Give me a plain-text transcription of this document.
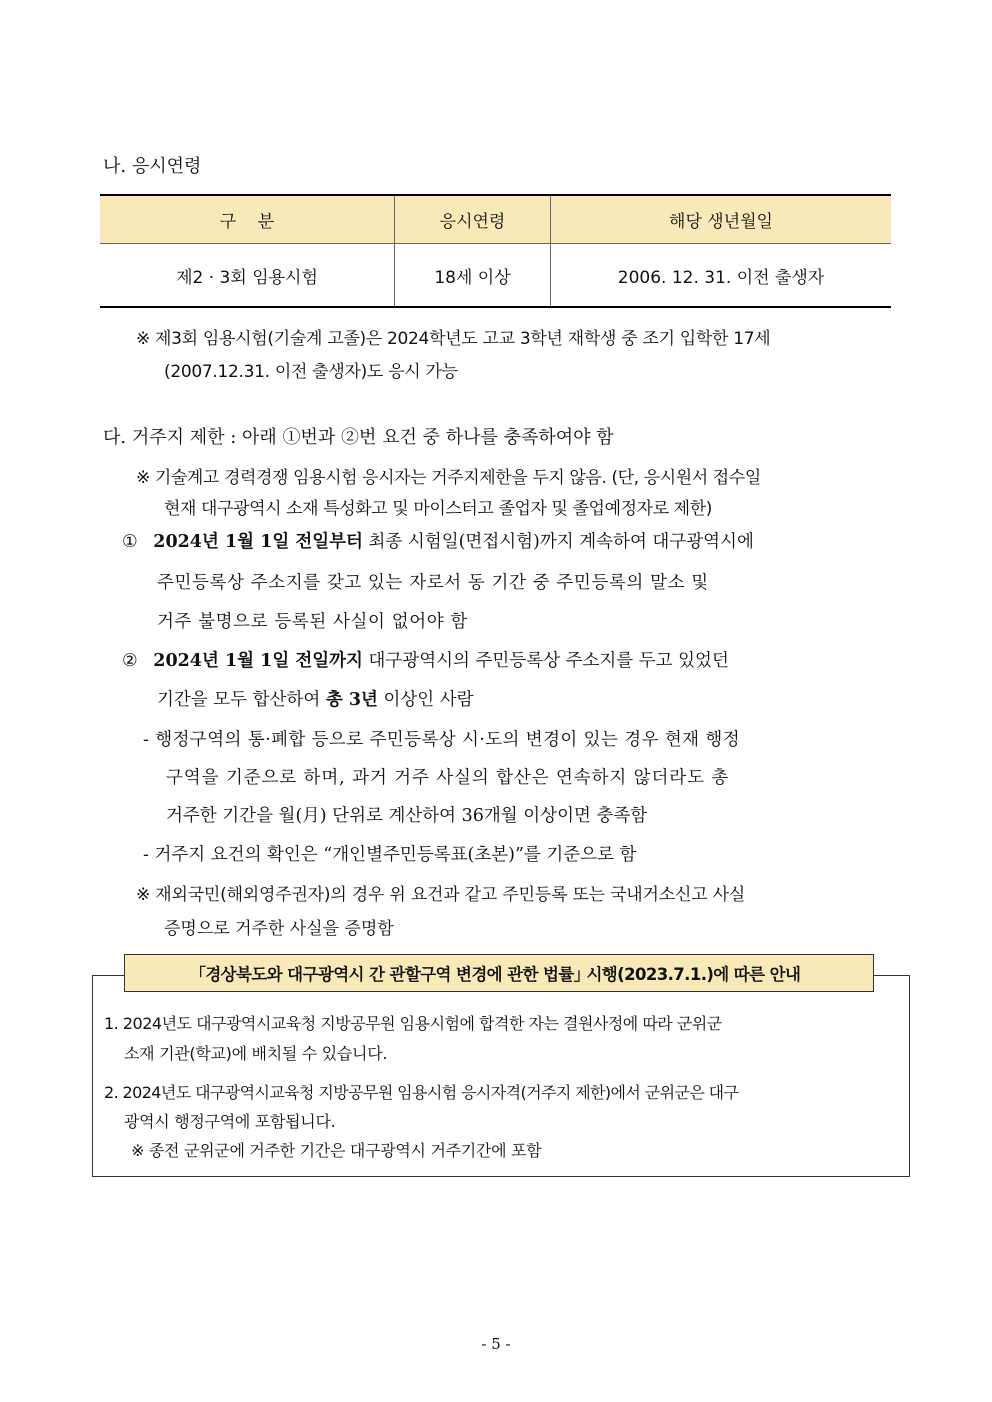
나. 응시연령
구    분	응시연령	해당 생년월일
제2 · 3회 임용시험	18세 이상	2006. 12. 31. 이전 출생자
※ 제3회 임용시험(기술계 고졸)은 2024학년도 고교 3학년 재학생 중 조기 입학한 17세
(2007.12.31. 이전 출생자)도 응시 가능
다. 거주지 제한 : 아래 ①번과 ②번 요건 중 하나를 충족하여야 함
※ 기술계고 경력경쟁 임용시험 응시자는 거주지제한을 두지 않음. (단, 응시원서 접수일
현재 대구광역시 소재 특성화고 및 마이스터고 졸업자 및 졸업예정자로 제한)
① 2024년 1월 1일 전일부터 최종 시험일(면접시험)까지 계속하여 대구광역시에
주민등록상 주소지를 갖고 있는 자로서 동 기간 중 주민등록의 말소 및
거주 불명으로 등록된 사실이 없어야 함
② 2024년 1월 1일 전일까지 대구광역시의 주민등록상 주소지를 두고 있었던
기간을 모두 합산하여 총 3년 이상인 사람
- 행정구역의 통·폐합 등으로 주민등록상 시·도의 변경이 있는 경우 현재 행정
구역을 기준으로 하며, 과거 거주 사실의 합산은 연속하지 않더라도 총
거주한 기간을 월(月) 단위로 계산하여 36개월 이상이면 충족함
- 거주지 요건의 확인은 “개인별주민등록표(초본)”를 기준으로 함
※ 재외국민(해외영주권자)의 경우 위 요건과 같고 주민등록 또는 국내거소신고 사실
증명으로 거주한 사실을 증명함
｢경상북도와 대구광역시 간 관할구역 변경에 관한 법률｣ 시행(2023.7.1.)에 따른 안내
1. 2024년도 대구광역시교육청 지방공무원 임용시험에 합격한 자는 결원사정에 따라 군위군
소재 기관(학교)에 배치될 수 있습니다.
2. 2024년도 대구광역시교육청 지방공무원 임용시험 응시자격(거주지 제한)에서 군위군은 대구
광역시 행정구역에 포함됩니다.
※ 종전 군위군에 거주한 기간은 대구광역시 거주기간에 포함
- 5 -
